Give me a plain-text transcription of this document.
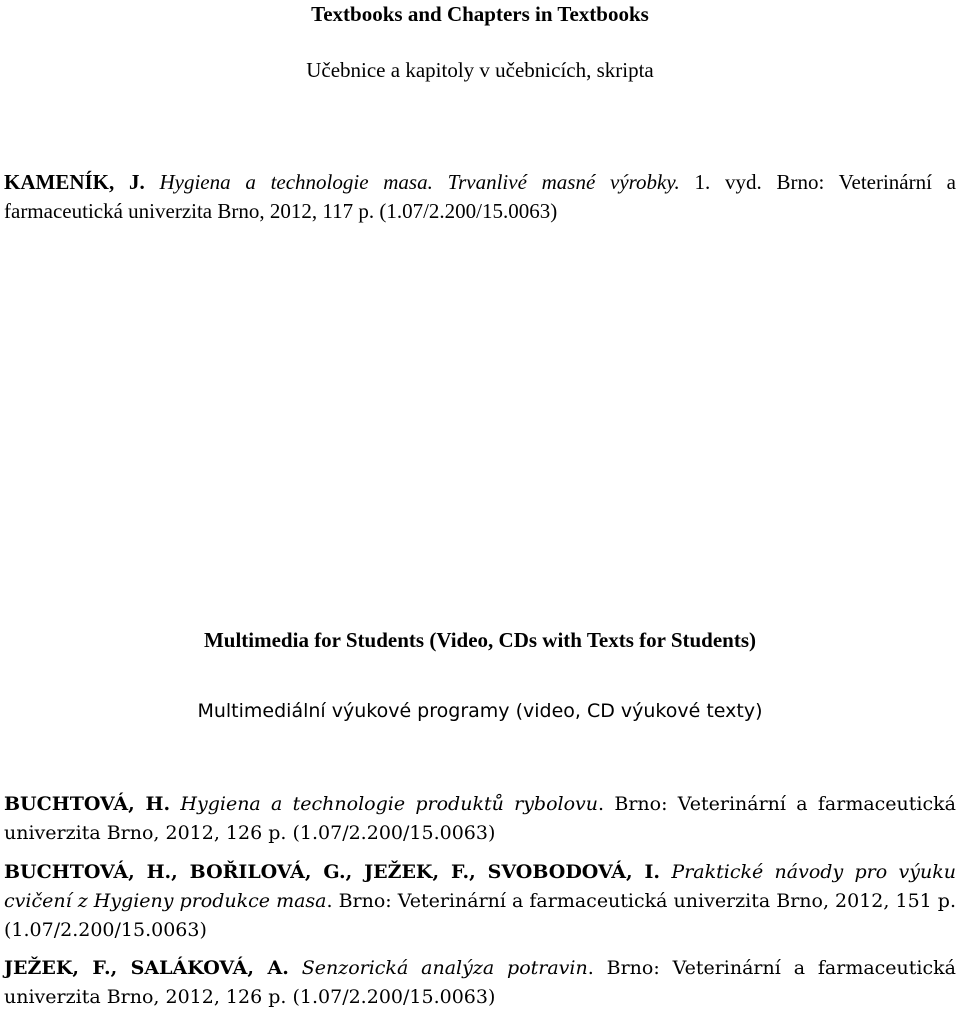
Textbooks and Chapters in Textbooks
Učebnice a kapitoly v učebnicích, skripta
KAMENÍK, J. Hygiena a technologie masa. Trvanlivé masné výrobky. 1. vyd. Brno: Veterinární a farmaceutická univerzita Brno, 2012, 117 p. (1.07/2.200/15.0063)
Multimedia for Students (Video, CDs with Texts for Students)
Multimediální výukové programy (video, CD výukové texty)
BUCHTOVÁ, H. Hygiena a technologie produktů rybolovu. Brno: Veterinární a farmaceutická univerzita Brno, 2012, 126 p. (1.07/2.200/15.0063)
BUCHTOVÁ, H., BOŘILOVÁ, G., JEŽEK, F., SVOBODOVÁ, I. Praktické návody pro výuku cvičení z Hygieny produkce masa. Brno: Veterinární a farmaceutická univerzita Brno, 2012, 151 p. (1.07/2.200/15.0063)
JEŽEK, F., SALÁKOVÁ, A. Senzorická analýza potravin. Brno: Veterinární a farmaceutická univerzita Brno, 2012, 126 p. (1.07/2.200/15.0063)
